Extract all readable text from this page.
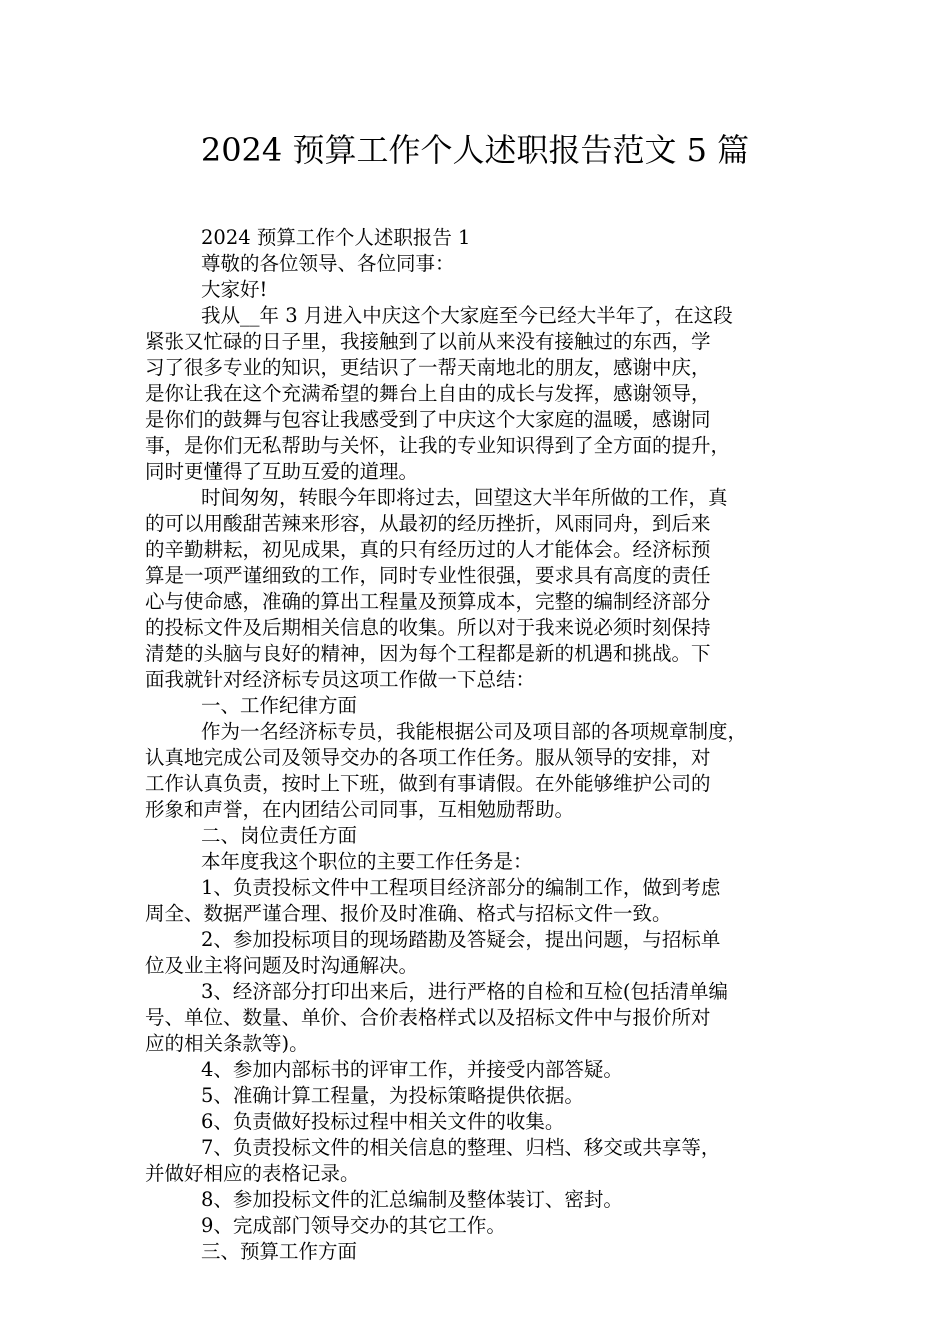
2024 预算工作个人述职报告范文 5 篇
2024 预算工作个人述职报告 1
尊敬的各位领导、各位同事：
大家好!
我从__年 3 月进入中庆这个大家庭至今已经大半年了，在这段
紧张又忙碌的日子里，我接触到了以前从来没有接触过的东西，学
习了很多专业的知识，更结识了一帮天南地北的朋友，感谢中庆，
是你让我在这个充满希望的舞台上自由的成长与发挥，感谢领导，
是你们的鼓舞与包容让我感受到了中庆这个大家庭的温暖，感谢同
事，是你们无私帮助与关怀，让我的专业知识得到了全方面的提升，
同时更懂得了互助互爱的道理。
时间匆匆，转眼今年即将过去，回望这大半年所做的工作，真
的可以用酸甜苦辣来形容，从最初的经历挫折，风雨同舟，到后来
的辛勤耕耘，初见成果，真的只有经历过的人才能体会。经济标预
算是一项严谨细致的工作，同时专业性很强，要求具有高度的责任
心与使命感，准确的算出工程量及预算成本，完整的编制经济部分
的投标文件及后期相关信息的收集。所以对于我来说必须时刻保持
清楚的头脑与良好的精神，因为每个工程都是新的机遇和挑战。下
面我就针对经济标专员这项工作做一下总结：
一、工作纪律方面
作为一名经济标专员，我能根据公司及项目部的各项规章制度，
认真地完成公司及领导交办的各项工作任务。服从领导的安排，对
工作认真负责，按时上下班，做到有事请假。在外能够维护公司的
形象和声誉，在内团结公司同事，互相勉励帮助。
二、岗位责任方面
本年度我这个职位的主要工作任务是：
1、负责投标文件中工程项目经济部分的编制工作，做到考虑
周全、数据严谨合理、报价及时准确、格式与招标文件一致。
2、参加投标项目的现场踏勘及答疑会，提出问题，与招标单
位及业主将问题及时沟通解决。
3、经济部分打印出来后，进行严格的自检和互检(包括清单编
号、单位、数量、单价、合价表格样式以及招标文件中与报价所对
应的相关条款等)。
4、参加内部标书的评审工作，并接受内部答疑。
5、准确计算工程量，为投标策略提供依据。
6、负责做好投标过程中相关文件的收集。
7、负责投标文件的相关信息的整理、归档、移交或共享等，
并做好相应的表格记录。
8、参加投标文件的汇总编制及整体装订、密封。
9、完成部门领导交办的其它工作。
三、预算工作方面
